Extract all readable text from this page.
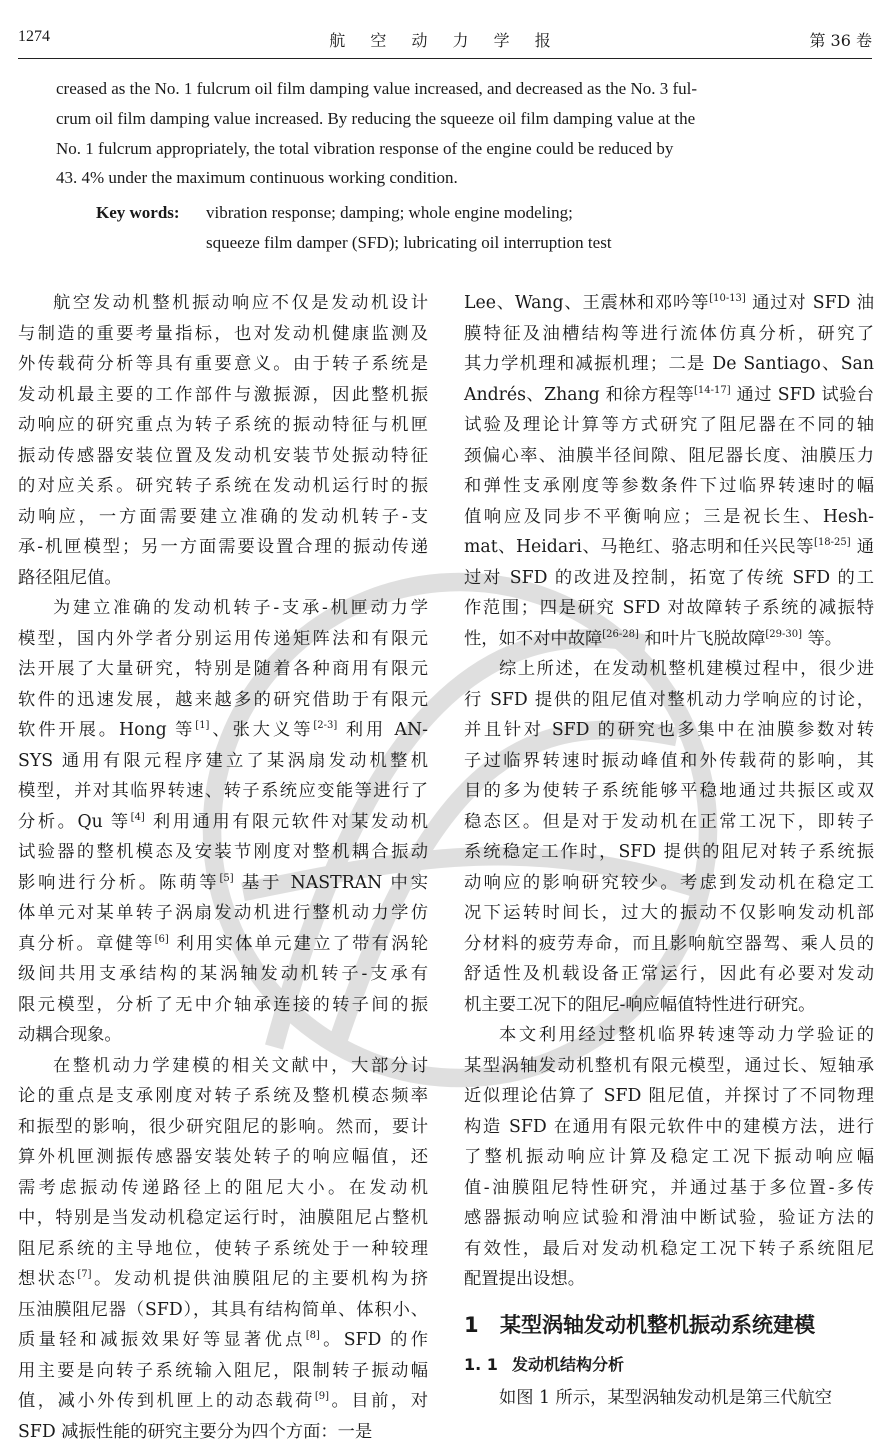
1274	航 空 动 力 学 报	第 36 卷

creased as the No. 1 fulcrum oil film damping value increased, and decreased as the No. 3 ful-
crum oil film damping value increased. By reducing the squeeze oil film damping value at the
No. 1 fulcrum appropriately, the total vibration response of the engine could be reduced by
43. 4% under the maximum continuous working condition.

Key words: vibration response; damping; whole engine modeling;
squeeze film damper (SFD); lubricating oil interruption test
航空发动机整机振动响应不仅是发动机设计
与制造的重要考量指标，也对发动机健康监测及
外传载荷分析等具有重要意义。由于转子系统是
发动机最主要的工作部件与激振源，因此整机振
动响应的研究重点为转子系统的振动特征与机匣
振动传感器安装位置及发动机安装节处振动特征
的对应关系。研究转子系统在发动机运行时的振
动响应，一方面需要建立准确的发动机转子-支
承-机匣模型；另一方面需要设置合理的振动传递
路径阻尼值。
为建立准确的发动机转子-支承-机匣动力学
模型，国内外学者分别运用传递矩阵法和有限元
法开展了大量研究，特别是随着各种商用有限元
软件的迅速发展，越来越多的研究借助于有限元
软件开展。Hong 等[1]、张大义等[2-3] 利用 AN-
SYS 通用有限元程序建立了某涡扇发动机整机
模型，并对其临界转速、转子系统应变能等进行了
分析。Qu 等[4] 利用通用有限元软件对某发动机
试验器的整机模态及安装节刚度对整机耦合振动
影响进行分析。陈萌等[5] 基于 NASTRAN 中实
体单元对某单转子涡扇发动机进行整机动力学仿
真分析。章健等[6] 利用实体单元建立了带有涡轮
级间共用支承结构的某涡轴发动机转子-支承有
限元模型，分析了无中介轴承连接的转子间的振
动耦合现象。
在整机动力学建模的相关文献中，大部分讨
论的重点是支承刚度对转子系统及整机模态频率
和振型的影响，很少研究阻尼的影响。然而，要计
算外机匣测振传感器安装处转子的响应幅值，还
需考虑振动传递路径上的阻尼大小。在发动机
中，特别是当发动机稳定运行时，油膜阻尼占整机
阻尼系统的主导地位，使转子系统处于一种较理
想状态[7]。发动机提供油膜阻尼的主要机构为挤
压油膜阻尼器（SFD），其具有结构简单、体积小、
质量轻和减振效果好等显著优点[8]。SFD 的作
用主要是向转子系统输入阻尼，限制转子振动幅
值，减小外传到机匣上的动态载荷[9]。目前，对
SFD 减振性能的研究主要分为四个方面：一是
Lee、Wang、王震林和邓吟等[10-13] 通过对 SFD 油
膜特征及油槽结构等进行流体仿真分析，研究了
其力学机理和减振机理；二是 De Santiago、San
Andrés、Zhang 和徐方程等[14-17] 通过 SFD 试验台
试验及理论计算等方式研究了阻尼器在不同的轴
颈偏心率、油膜半径间隙、阻尼器长度、油膜压力
和弹性支承刚度等参数条件下过临界转速时的幅
值响应及同步不平衡响应；三是祝长生、Hesh-
mat、Heidari、马艳红、骆志明和任兴民等[18-25] 通
过对 SFD 的改进及控制，拓宽了传统 SFD 的工
作范围；四是研究 SFD 对故障转子系统的减振特
性，如不对中故障[26-28] 和叶片飞脱故障[29-30] 等。
综上所述，在发动机整机建模过程中，很少进
行 SFD 提供的阻尼值对整机动力学响应的讨论，
并且针对 SFD 的研究也多集中在油膜参数对转
子过临界转速时振动峰值和外传载荷的影响，其
目的多为使转子系统能够平稳地通过共振区或双
稳态区。但是对于发动机在正常工况下，即转子
系统稳定工作时，SFD 提供的阻尼对转子系统振
动响应的影响研究较少。考虑到发动机在稳定工
况下运转时间长，过大的振动不仅影响发动机部
分材料的疲劳寿命，而且影响航空器驾、乘人员的
舒适性及机载设备正常运行，因此有必要对发动
机主要工况下的阻尼-响应幅值特性进行研究。
本文利用经过整机临界转速等动力学验证的
某型涡轴发动机整机有限元模型，通过长、短轴承
近似理论估算了 SFD 阻尼值，并探讨了不同物理
构造 SFD 在通用有限元软件中的建模方法，进行
了整机振动响应计算及稳定工况下振动响应幅
值-油膜阻尼特性研究，并通过基于多位置-多传
感器振动响应试验和滑油中断试验，验证方法的
有效性，最后对发动机稳定工况下转子系统阻尼
配置提出设想。
1 某型涡轴发动机整机振动系统建模
1. 1 发动机结构分析
如图 1 所示，某型涡轴发动机是第三代航空
